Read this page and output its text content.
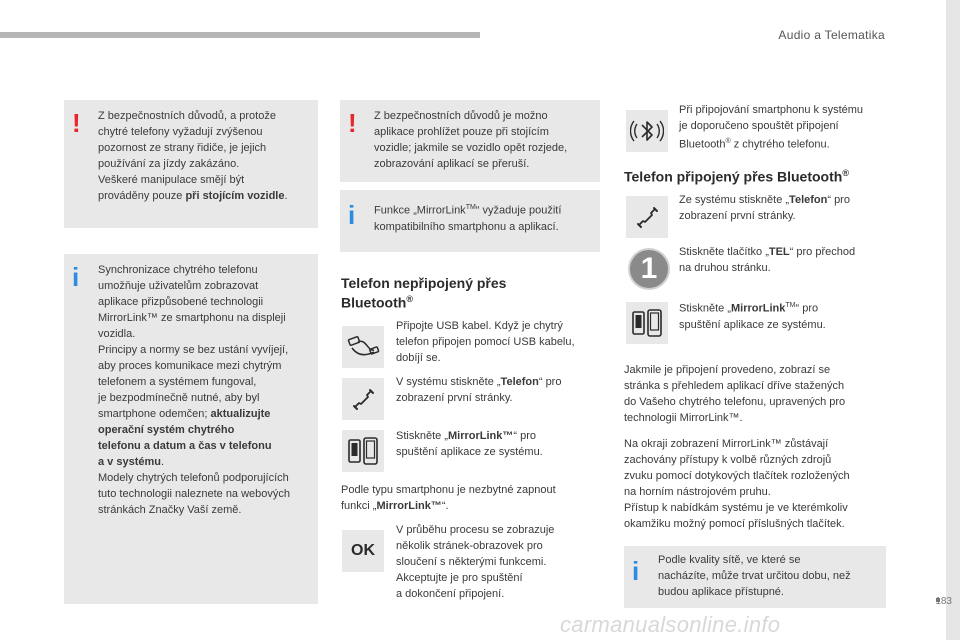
Audio a Telematika
! Z bezpečnostních důvodů, a protože
chytré telefony vyžadují zvýšenou
pozornost ze strany řidiče, je jejich
používání za jízdy zakázáno.
Veškeré manipulace smějí být
prováděny pouze při stojícím vozidle.
i Synchronizace chytrého telefonu
umožňuje uživatelům zobrazovat
aplikace přizpůsobené technologii
MirrorLink™ ze smartphonu na displeji
vozidla.
Principy a normy se bez ustání vyvíjejí,
aby proces komunikace mezi chytrým
telefonem a systémem fungoval,
je bezpodmínečně nutné, aby byl
smartphone odemčen; aktualizujte
operační systém chytrého
telefonu a datum a čas v telefonu
a v systému.
Modely chytrých telefonů podporujících
tuto technologii naleznete na webových
stránkách Značky Vaší země.
! Z bezpečnostních důvodů je možno
aplikace prohlížet pouze při stojícím
vozidle; jakmile se vozidlo opět rozjede,
zobrazování aplikací se přeruší.
i Funkce „MirrorLink™“ vyžaduje použití
kompatibilního smartphonu a aplikací.
Telefon nepřipojený přes
Bluetooth®
Připojte USB kabel. Když je chytrý
telefon připojen pomocí USB kabelu,
dobíjí se.
V systému stiskněte „Telefon“ pro
zobrazení první stránky.
Stiskněte „MirrorLink™“ pro
spuštění aplikace ze systému.
Podle typu smartphonu je nezbytné zapnout
funkci „MirrorLink™“.
OK
V průběhu procesu se zobrazuje
několik stránek-obrazovek pro
sloučení s některými funkcemi.
Akceptujte je pro spuštění
a dokončení připojení.
Při připojování smartphonu k systému
je doporučeno spouštět připojení
Bluetooth® z chytrého telefonu.
Telefon připojený přes Bluetooth®
Ze systému stiskněte „Telefon“ pro
zobrazení první stránky.
1	Stiskněte tlačítko „TEL“ pro přechod
na druhou stránku.
Stiskněte „MirrorLink™“ pro
spuštění aplikace ze systému.
Jakmile je připojení provedeno, zobrazí se
stránka s přehledem aplikací dříve stažených
do Vašeho chytrého telefonu, upravených pro
technologii MirrorLink™.
Na okraji zobrazení MirrorLink™ zůstávají
zachovány přístupy k volbě různých zdrojů
zvuku pomocí dotykových tlačítek rozložených
na horním nástrojovém pruhu.
Přístup k nabídkám systému je ve kterémkoliv
okamžiku možný pomocí příslušných tlačítek.
i Podle kvality sítě, ve které se
nacházíte, může trvat určitou dobu, než
budou aplikace přístupné.
183
carmanualsonline.info
